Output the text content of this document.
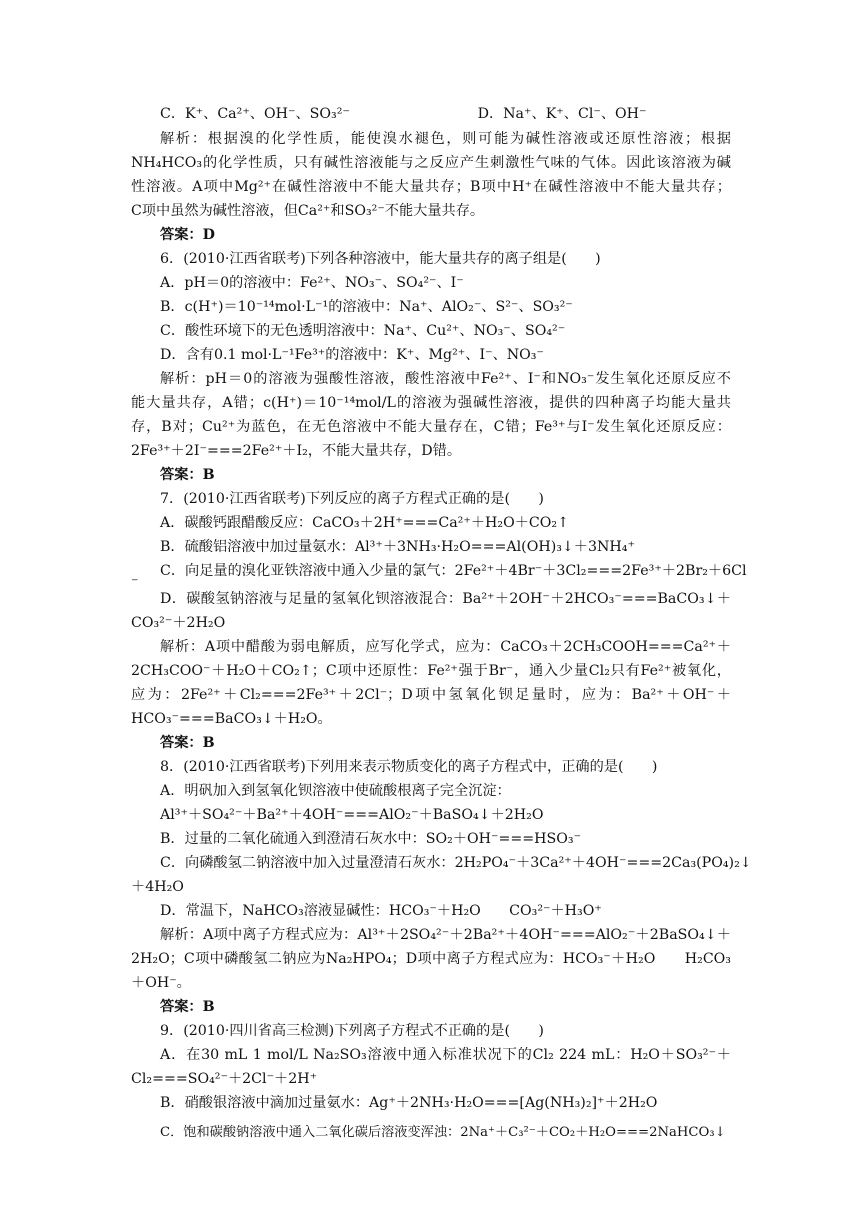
C．K⁺、Ca²⁺、OH⁻、SO₃²⁻　　　　　　　　　D．Na⁺、K⁺、Cl⁻、OH⁻
解析：根据溴的化学性质，能使溴水褪色，则可能为碱性溶液或还原性溶液；根据
NH₄HCO₃的化学性质，只有碱性溶液能与之反应产生刺激性气味的气体。因此该溶液为碱
性溶液。A项中Mg²⁺在碱性溶液中不能大量共存；B项中H⁺在碱性溶液中不能大量共存；
C项中虽然为碱性溶液，但Ca²⁺和SO₃²⁻不能大量共存。
答案：D
6．(2010·江西省联考)下列各种溶液中，能大量共存的离子组是(　　)
A．pH＝0的溶液中：Fe²⁺、NO₃⁻、SO₄²⁻、I⁻
B．c(H⁺)＝10⁻¹⁴mol·L⁻¹的溶液中：Na⁺、AlO₂⁻、S²⁻、SO₃²⁻
C．酸性环境下的无色透明溶液中：Na⁺、Cu²⁺、NO₃⁻、SO₄²⁻
D．含有0.1 mol·L⁻¹Fe³⁺的溶液中：K⁺、Mg²⁺、I⁻、NO₃⁻
解析：pH＝0的溶液为强酸性溶液，酸性溶液中Fe²⁺、I⁻和NO₃⁻发生氧化还原反应不
能大量共存，A错；c(H⁺)＝10⁻¹⁴mol/L的溶液为强碱性溶液，提供的四种离子均能大量共
存，B对；Cu²⁺为蓝色，在无色溶液中不能大量存在，C错；Fe³⁺与I⁻发生氧化还原反应：
2Fe³⁺＋2I⁻===2Fe²⁺＋I₂，不能大量共存，D错。
答案：B
7．(2010·江西省联考)下列反应的离子方程式正确的是(　　)
A．碳酸钙跟醋酸反应：CaCO₃＋2H⁺===Ca²⁺＋H₂O＋CO₂↑
B．硫酸铝溶液中加过量氨水：Al³⁺＋3NH₃·H₂O===Al(OH)₃↓＋3NH₄⁺
C．向足量的溴化亚铁溶液中通入少量的氯气：2Fe²⁺＋4Br⁻＋3Cl₂===2Fe³⁺＋2Br₂＋6Cl
⁻
D．碳酸氢钠溶液与足量的氢氧化钡溶液混合：Ba²⁺＋2OH⁻＋2HCO₃⁻===BaCO₃↓＋
CO₃²⁻＋2H₂O
解析：A项中醋酸为弱电解质，应写化学式，应为：CaCO₃＋2CH₃COOH===Ca²⁺＋
2CH₃COO⁻＋H₂O＋CO₂↑；C项中还原性：Fe²⁺强于Br⁻，通入少量Cl₂只有Fe²⁺被氧化，
应为：2Fe²⁺＋Cl₂===2Fe³⁺＋2Cl⁻；D项中氢氧化钡足量时，应为：Ba²⁺＋OH⁻＋
HCO₃⁻===BaCO₃↓＋H₂O。
答案：B
8．(2010·江西省联考)下列用来表示物质变化的离子方程式中，正确的是(　　)
A．明矾加入到氢氧化钡溶液中使硫酸根离子完全沉淀：
Al³⁺＋SO₄²⁻＋Ba²⁺＋4OH⁻===AlO₂⁻＋BaSO₄↓＋2H₂O
B．过量的二氧化硫通入到澄清石灰水中：SO₂＋OH⁻===HSO₃⁻
C．向磷酸氢二钠溶液中加入过量澄清石灰水：2H₂PO₄⁻＋3Ca²⁺＋4OH⁻===2Ca₃(PO₄)₂↓
＋4H₂O
D．常温下，NaHCO₃溶液显碱性：HCO₃⁻＋H₂O　　CO₃²⁻＋H₃O⁺
解析：A项中离子方程式应为：Al³⁺＋2SO₄²⁻＋2Ba²⁺＋4OH⁻===AlO₂⁻＋2BaSO₄↓＋
2H₂O；C项中磷酸氢二钠应为Na₂HPO₄；D项中离子方程式应为：HCO₃⁻＋H₂O　　H₂CO₃
＋OH⁻。
答案：B
9．(2010·四川省高三检测)下列离子方程式不正确的是(　　)
A．在30 mL 1 mol/L Na₂SO₃溶液中通入标准状况下的Cl₂ 224 mL：H₂O＋SO₃²⁻＋
Cl₂===SO₄²⁻＋2Cl⁻＋2H⁺
B．硝酸银溶液中滴加过量氨水：Ag⁺＋2NH₃·H₂O===[Ag(NH₃)₂]⁺＋2H₂O
C．饱和碳酸钠溶液中通入二氧化碳后溶液变浑浊：2Na⁺＋C₃²⁻＋CO₂＋H₂O===2NaHCO₃↓
